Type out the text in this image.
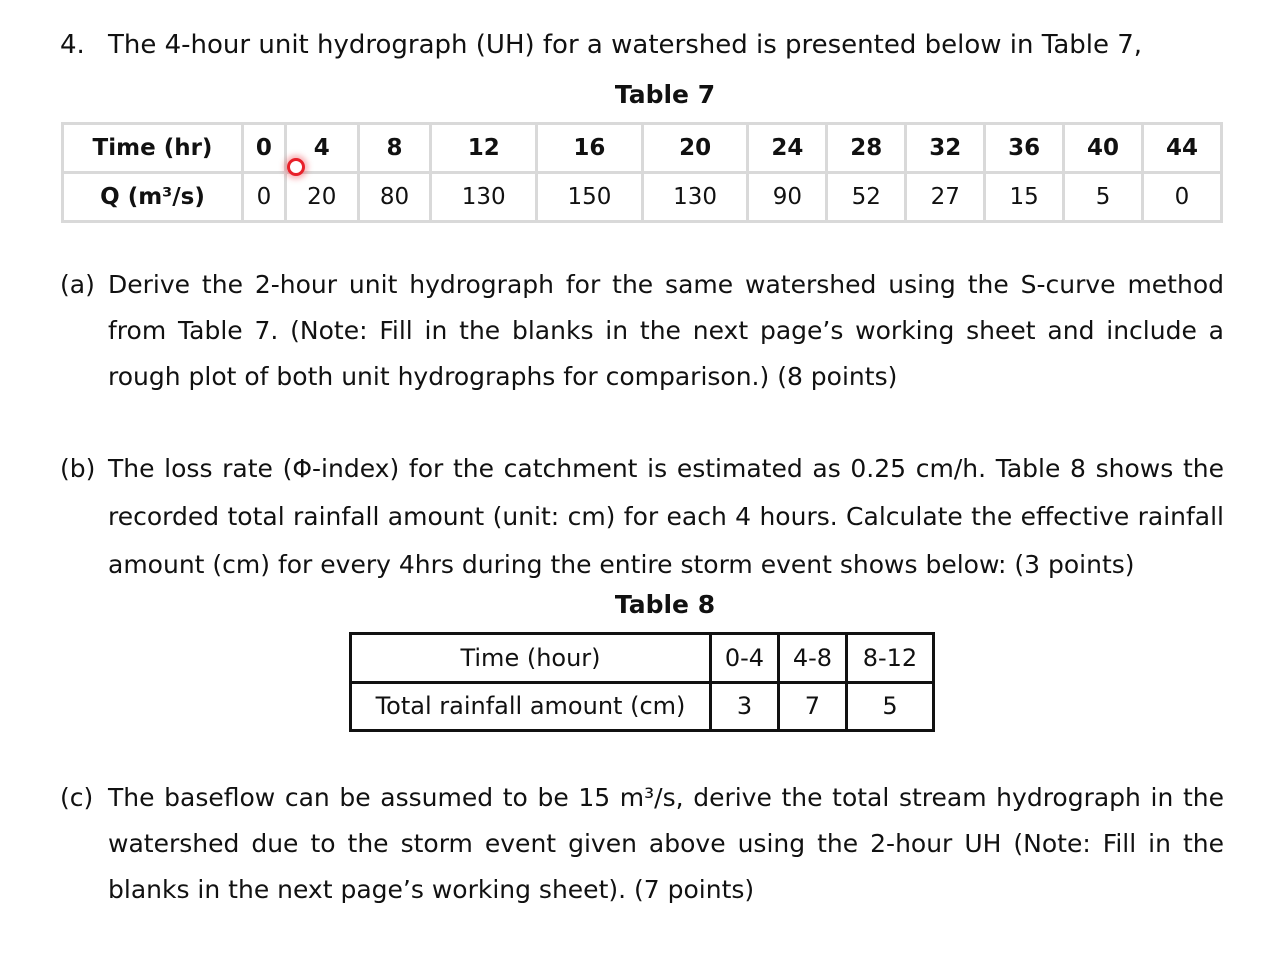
4. The 4-hour unit hydrograph (UH) for a watershed is presented below in Table 7,
Table 7
Time (hr)	0	4	8	12	16	20	24	28	32	36	40	44
Q (m³/s)	0	20	80	130	150	130	90	52	27	15	5	0
(a) Derive the 2-hour unit hydrograph for the same watershed using the S-curve method from Table 7. (Note: Fill in the blanks in the next page’s working sheet and include a rough plot of both unit hydrographs for comparison.) (8 points)
(b) The loss rate (Φ-index) for the catchment is estimated as 0.25 cm/h. Table 8 shows the recorded total rainfall amount (unit: cm) for each 4 hours. Calculate the effective rainfall amount (cm) for every 4hrs during the entire storm event shows below: (3 points)
Table 8
Time (hour)	0-4	4-8	8-12
Total rainfall amount (cm)	3	7	5
(c) The baseflow can be assumed to be 15 m³/s, derive the total stream hydrograph in the watershed due to the storm event given above using the 2-hour UH (Note: Fill in the blanks in the next page’s working sheet). (7 points)
